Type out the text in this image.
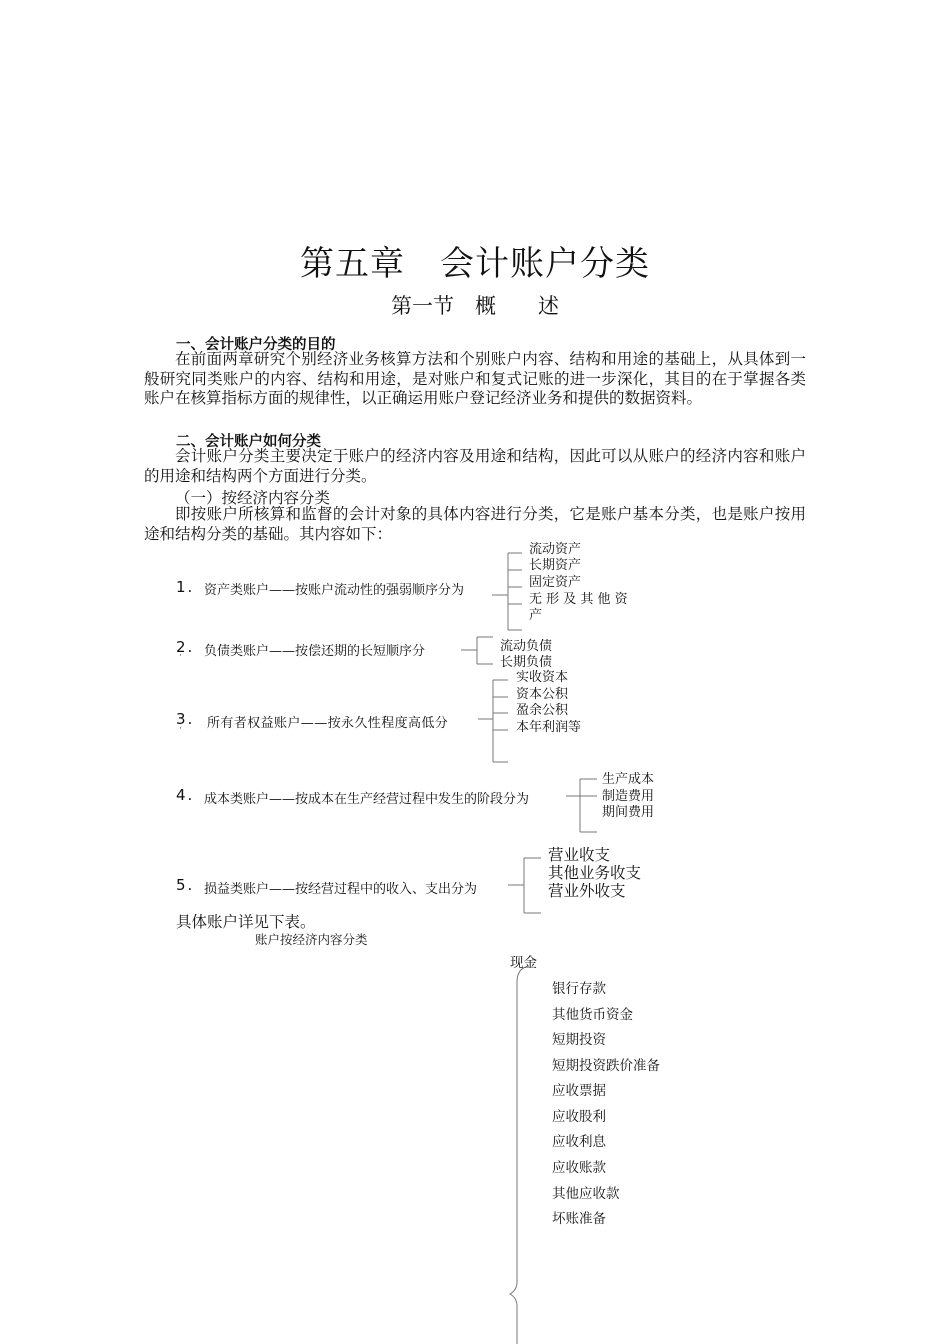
第五章　会计账户分类
第一节　概　　述
一、会计账户分类的目的
在前面两章研究个别经济业务核算方法和个别账户内容、结构和用途的基础上，从具体到一般研究同类账户的内容、结构和用途，是对账户和复式记账的进一步深化，其目的在于掌握各类账户在核算指标方面的规律性，以正确运用账户登记经济业务和提供的数据资料。
二、会计账户如何分类
会计账户分类主要决定于账户的经济内容及用途和结构，因此可以从账户的经济内容和账户的用途和结构两个方面进行分类。
（一）按经济内容分类
即按账户所核算和监督的会计对象的具体内容进行分类，它是账户基本分类，也是账户按用途和结构分类的基础。其内容如下：
1. 资产类账户——按账户流动性的强弱顺序分为
流动资产
长期资产
固定资产
无 形 及 其 他 资
产
2.
˙
负债类账户——按偿还期的长短顺序分	流动负债
长期负债
3.
˙
所有者权益账户——按永久性程度高低分
实收资本
资本公积
盈余公积
本年利润等
4. 成本类账户——按成本在生产经营过程中发生的阶段分为
生产成本
制造费用
期间费用
5. 损益类账户——按经营过程中的收入、支出分为
营业收支
其他业务收支
营业外收支
具体账户详见下表。
账户按经济内容分类
现金
银行存款
其他货币资金
短期投资
短期投资跌价准备
应收票据
应收股利
应收利息
应收账款
其他应收款
坏账准备
